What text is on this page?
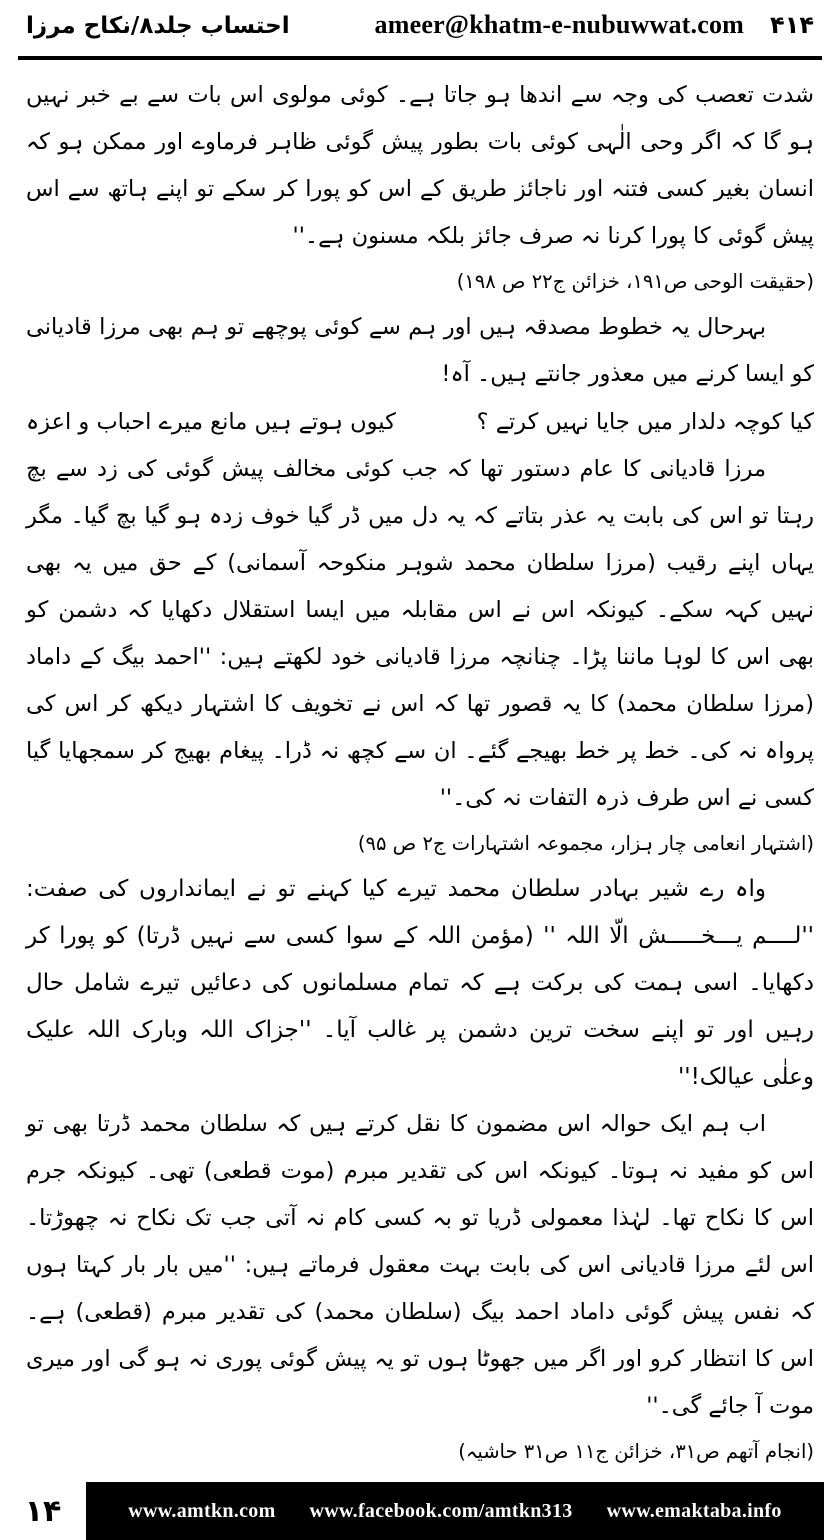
احتساب جلد۸/نکاح مرزا	ameer@khatm-e-nubuwwat.com ۴۱۴

شدت تعصب کی وجہ سے اندھا ہو جاتا ہے۔ کوئی مولوی اس بات سے بے خبر نہیں ہو گا کہ اگر وحی الٰہی کوئی بات بطور پیش گوئی ظاہر فرماوے اور ممکن ہو کہ انسان بغیر کسی فتنہ اور ناجائز طریق کے اس کو پورا کر سکے تو اپنے ہاتھ سے اس پیش گوئی کا پورا کرنا نہ صرف جائز بلکہ مسنون ہے۔''

(حقیقت الوحی ص۱۹۱، خزائن ج۲۲ ص ۱۹۸)

بہرحال یہ خطوط مصدقہ ہیں اور ہم سے کوئی پوچھے تو ہم بھی مرزا قادیانی کو ایسا کرنے میں معذور جانتے ہیں۔ آہ!

کیوں ہوتے ہیں مانع میرے احباب و اعزہ	کیا کوچہ دلدار میں جایا نہیں کرتے ؟

مرزا قادیانی کا عام دستور تھا کہ جب کوئی مخالف پیش گوئی کی زد سے بچ رہتا تو اس کی بابت یہ عذر بتاتے کہ یہ دل میں ڈر گیا خوف زدہ ہو گیا بچ گیا۔ مگر یہاں اپنے رقیب (مرزا سلطان محمد شوہر منکوحہ آسمانی) کے حق میں یہ بھی نہیں کہہ سکے۔ کیونکہ اس نے اس مقابلہ میں ایسا استقلال دکھایا کہ دشمن کو بھی اس کا لوہا ماننا پڑا۔ چنانچہ مرزا قادیانی خود لکھتے ہیں: ''احمد بیگ کے داماد (مرزا سلطان محمد) کا یہ قصور تھا کہ اس نے تخویف کا اشتہار دیکھ کر اس کی پرواہ نہ کی۔ خط پر خط بھیجے گئے۔ ان سے کچھ نہ ڈرا۔ پیغام بھیج کر سمجھایا گیا کسی نے اس طرف ذرہ التفات نہ کی۔''

(اشتہار انعامی چار ہزار، مجموعہ اشتہارات ج۲ ص ۹۵)

واہ رے شیر بہادر سلطان محمد تیرے کیا کہنے تو نے ایمانداروں کی صفت: ''لــــم یـــخـــــش الّا اللہ '' (مؤمن اللہ کے سوا کسی سے نہیں ڈرتا) کو پورا کر دکھایا۔ اسی ہمت کی برکت ہے کہ تمام مسلمانوں کی دعائیں تیرے شامل حال رہیں اور تو اپنے سخت ترین دشمن پر غالب آیا۔ ''جزاک اللہ وبارک اللہ علیک وعلٰی عیالک!''

اب ہم ایک حوالہ اس مضمون کا نقل کرتے ہیں کہ سلطان محمد ڈرتا بھی تو اس کو مفید نہ ہوتا۔ کیونکہ اس کی تقدیر مبرم (موت قطعی) تھی۔ کیونکہ جرم اس کا نکاح تھا۔ لہٰذا معمولی ڈریا تو بہ کسی کام نہ آتی جب تک نکاح نہ چھوڑتا۔ اس لئے مرزا قادیانی اس کی بابت بہت معقول فرماتے ہیں: ''میں بار بار کہتا ہوں کہ نفس پیش گوئی داماد احمد بیگ (سلطان محمد) کی تقدیر مبرم (قطعی) ہے۔ اس کا انتظار کرو اور اگر میں جھوٹا ہوں تو یہ پیش گوئی پوری نہ ہو گی اور میری موت آ جائے گی۔''

(انجام آتھم ص۳۱، خزائن ج۱۱ ص۳۱ حاشیہ)
۱۴	www.amtkn.com www.facebook.com/amtkn313 www.emaktaba.info
